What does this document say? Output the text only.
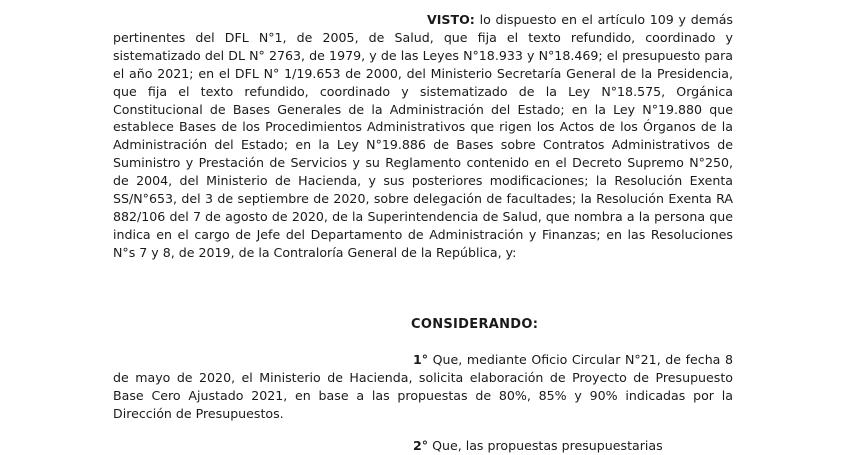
VISTO: lo dispuesto en el artículo 109 y demás pertinentes del DFL N°1, de 2005, de Salud, que fija el texto refundido, coordinado y sistematizado del DL N° 2763, de 1979, y de las Leyes N°18.933 y N°18.469; el presupuesto para el año 2021; en el DFL N° 1/19.653 de 2000, del Ministerio Secretaría General de la Presidencia, que fija el texto refundido, coordinado y sistematizado de la Ley N°18.575, Orgánica Constitucional de Bases Generales de la Administración del Estado; en la Ley N°19.880 que establece Bases de los Procedimientos Administrativos que rigen los Actos de los Órganos de la Administración del Estado; en la Ley N°19.886 de Bases sobre Contratos Administrativos de Suministro y Prestación de Servicios y su Reglamento contenido en el Decreto Supremo N°250, de 2004, del Ministerio de Hacienda, y sus posteriores modificaciones; la Resolución Exenta SS/N°653, del 3 de septiembre de 2020, sobre delegación de facultades; la Resolución Exenta RA 882/106 del 7 de agosto de 2020, de la Superintendencia de Salud, que nombra a la persona que indica en el cargo de Jefe del Departamento de Administración y Finanzas; en las Resoluciones N°s 7 y 8, de 2019, de la Contraloría General de la República, y:

CONSIDERANDO:

1° Que, mediante Oficio Circular N°21, de fecha 8 de mayo de 2020, el Ministerio de Hacienda, solicita elaboración de Proyecto de Presupuesto Base Cero Ajustado 2021, en base a las propuestas de 80%, 85% y 90% indicadas por la Dirección de Presupuestos.

2° Que, las propuestas presupuestarias
